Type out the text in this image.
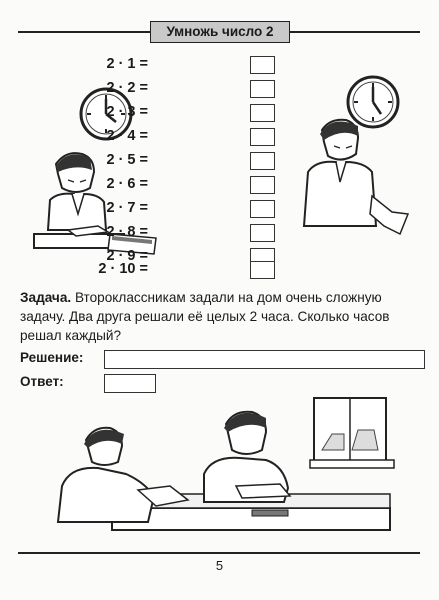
Умножь число 2
2 · 1 =
2 · 2 =
2 · 3 =
2 · 4 =
2 · 5 =
2 · 6 =
2 · 7 =
2 · 8 =
2 · 9 =
2 · 10 =
Задача. Второклассникам задали на дом очень сложную задачу. Два друга решали её целых 2 часа. Сколько часов решал каждый?
Решение:
Ответ:
5
